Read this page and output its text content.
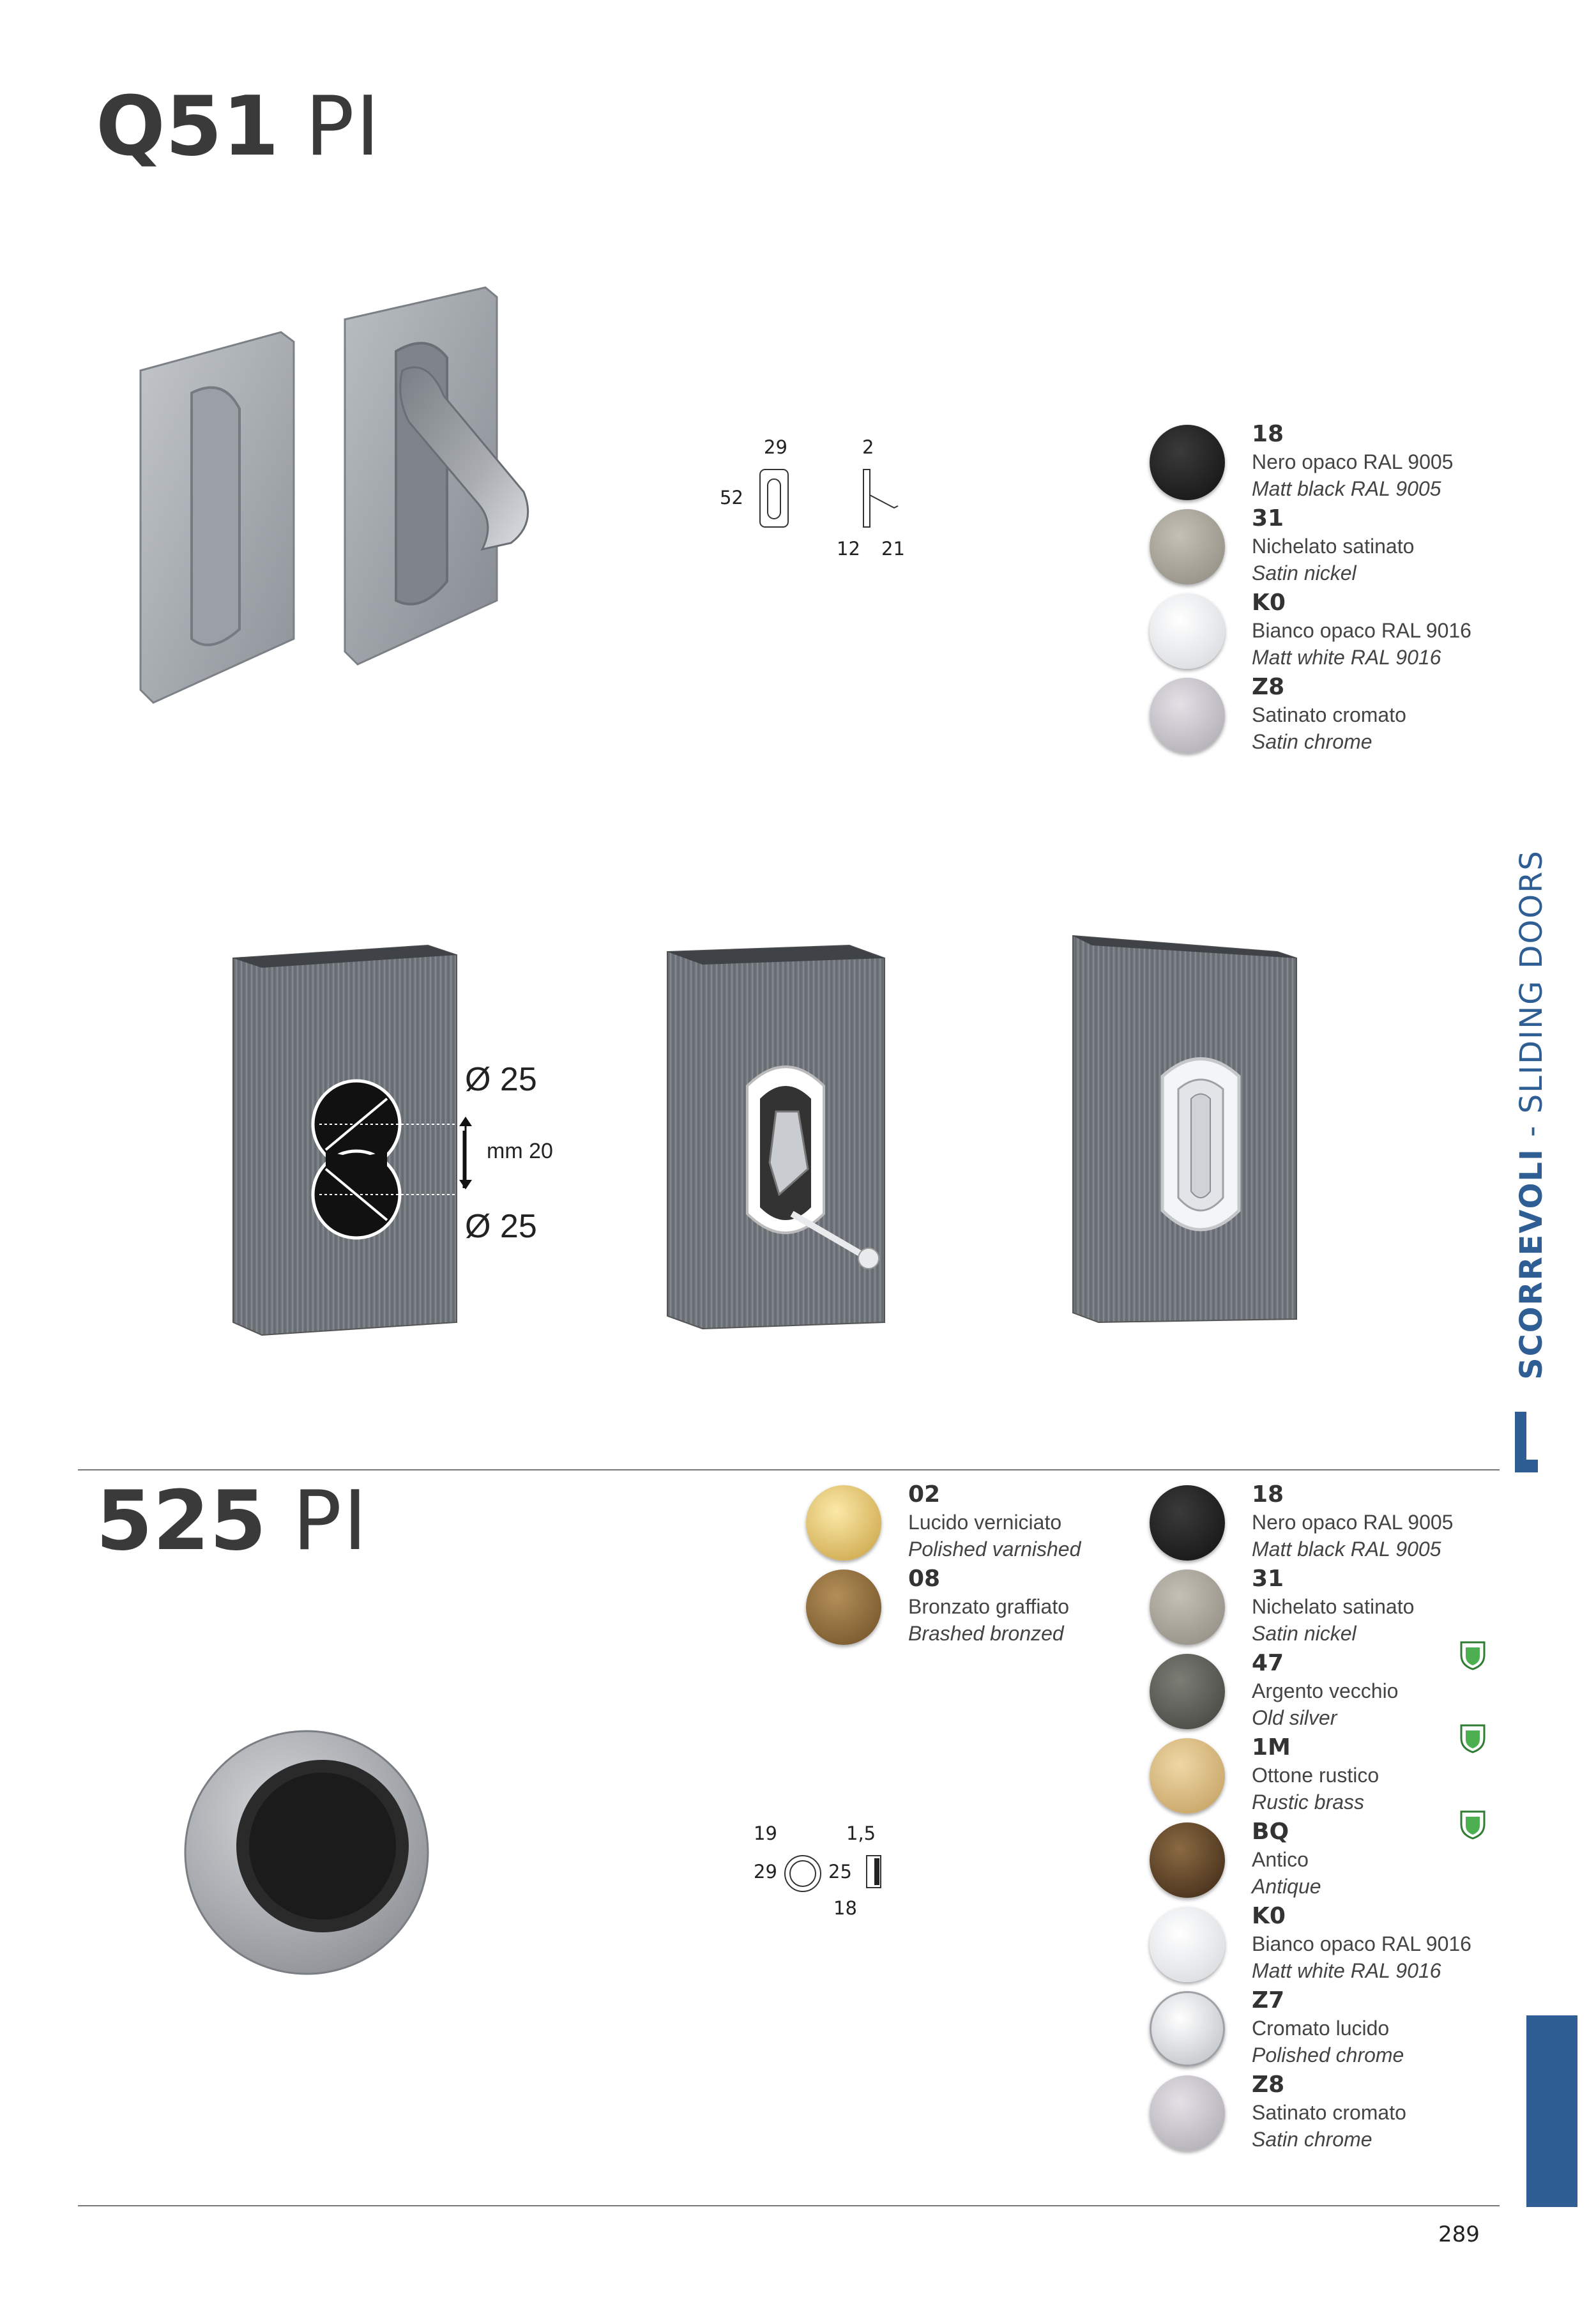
Q51 PI
29
52
2
12 21
18
Nero opaco RAL 9005
Matt black RAL 9005
31
Nichelato satinato
Satin nickel
K0
Bianco opaco RAL 9016
Matt white RAL 9016
Z8
Satinato cromato
Satin chrome
Ø 25
mm 20
Ø 25	SCORREVOLI - SLIDING DOORS
525 PI
19
29
1,5
25
18
02
Lucido verniciato
Polished varnished
08
Bronzato graffiato
Brashed bronzed
18
Nero opaco RAL 9005
Matt black RAL 9005
31
Nichelato satinato
Satin nickel
47
Argento vecchio
Old silver
1M
Ottone rustico
Rustic brass
BQ
Antico
Antique
K0
Bianco opaco RAL 9016
Matt white RAL 9016
Z7
Cromato lucido
Polished chrome
Z8
Satinato cromato
Satin chrome
289
